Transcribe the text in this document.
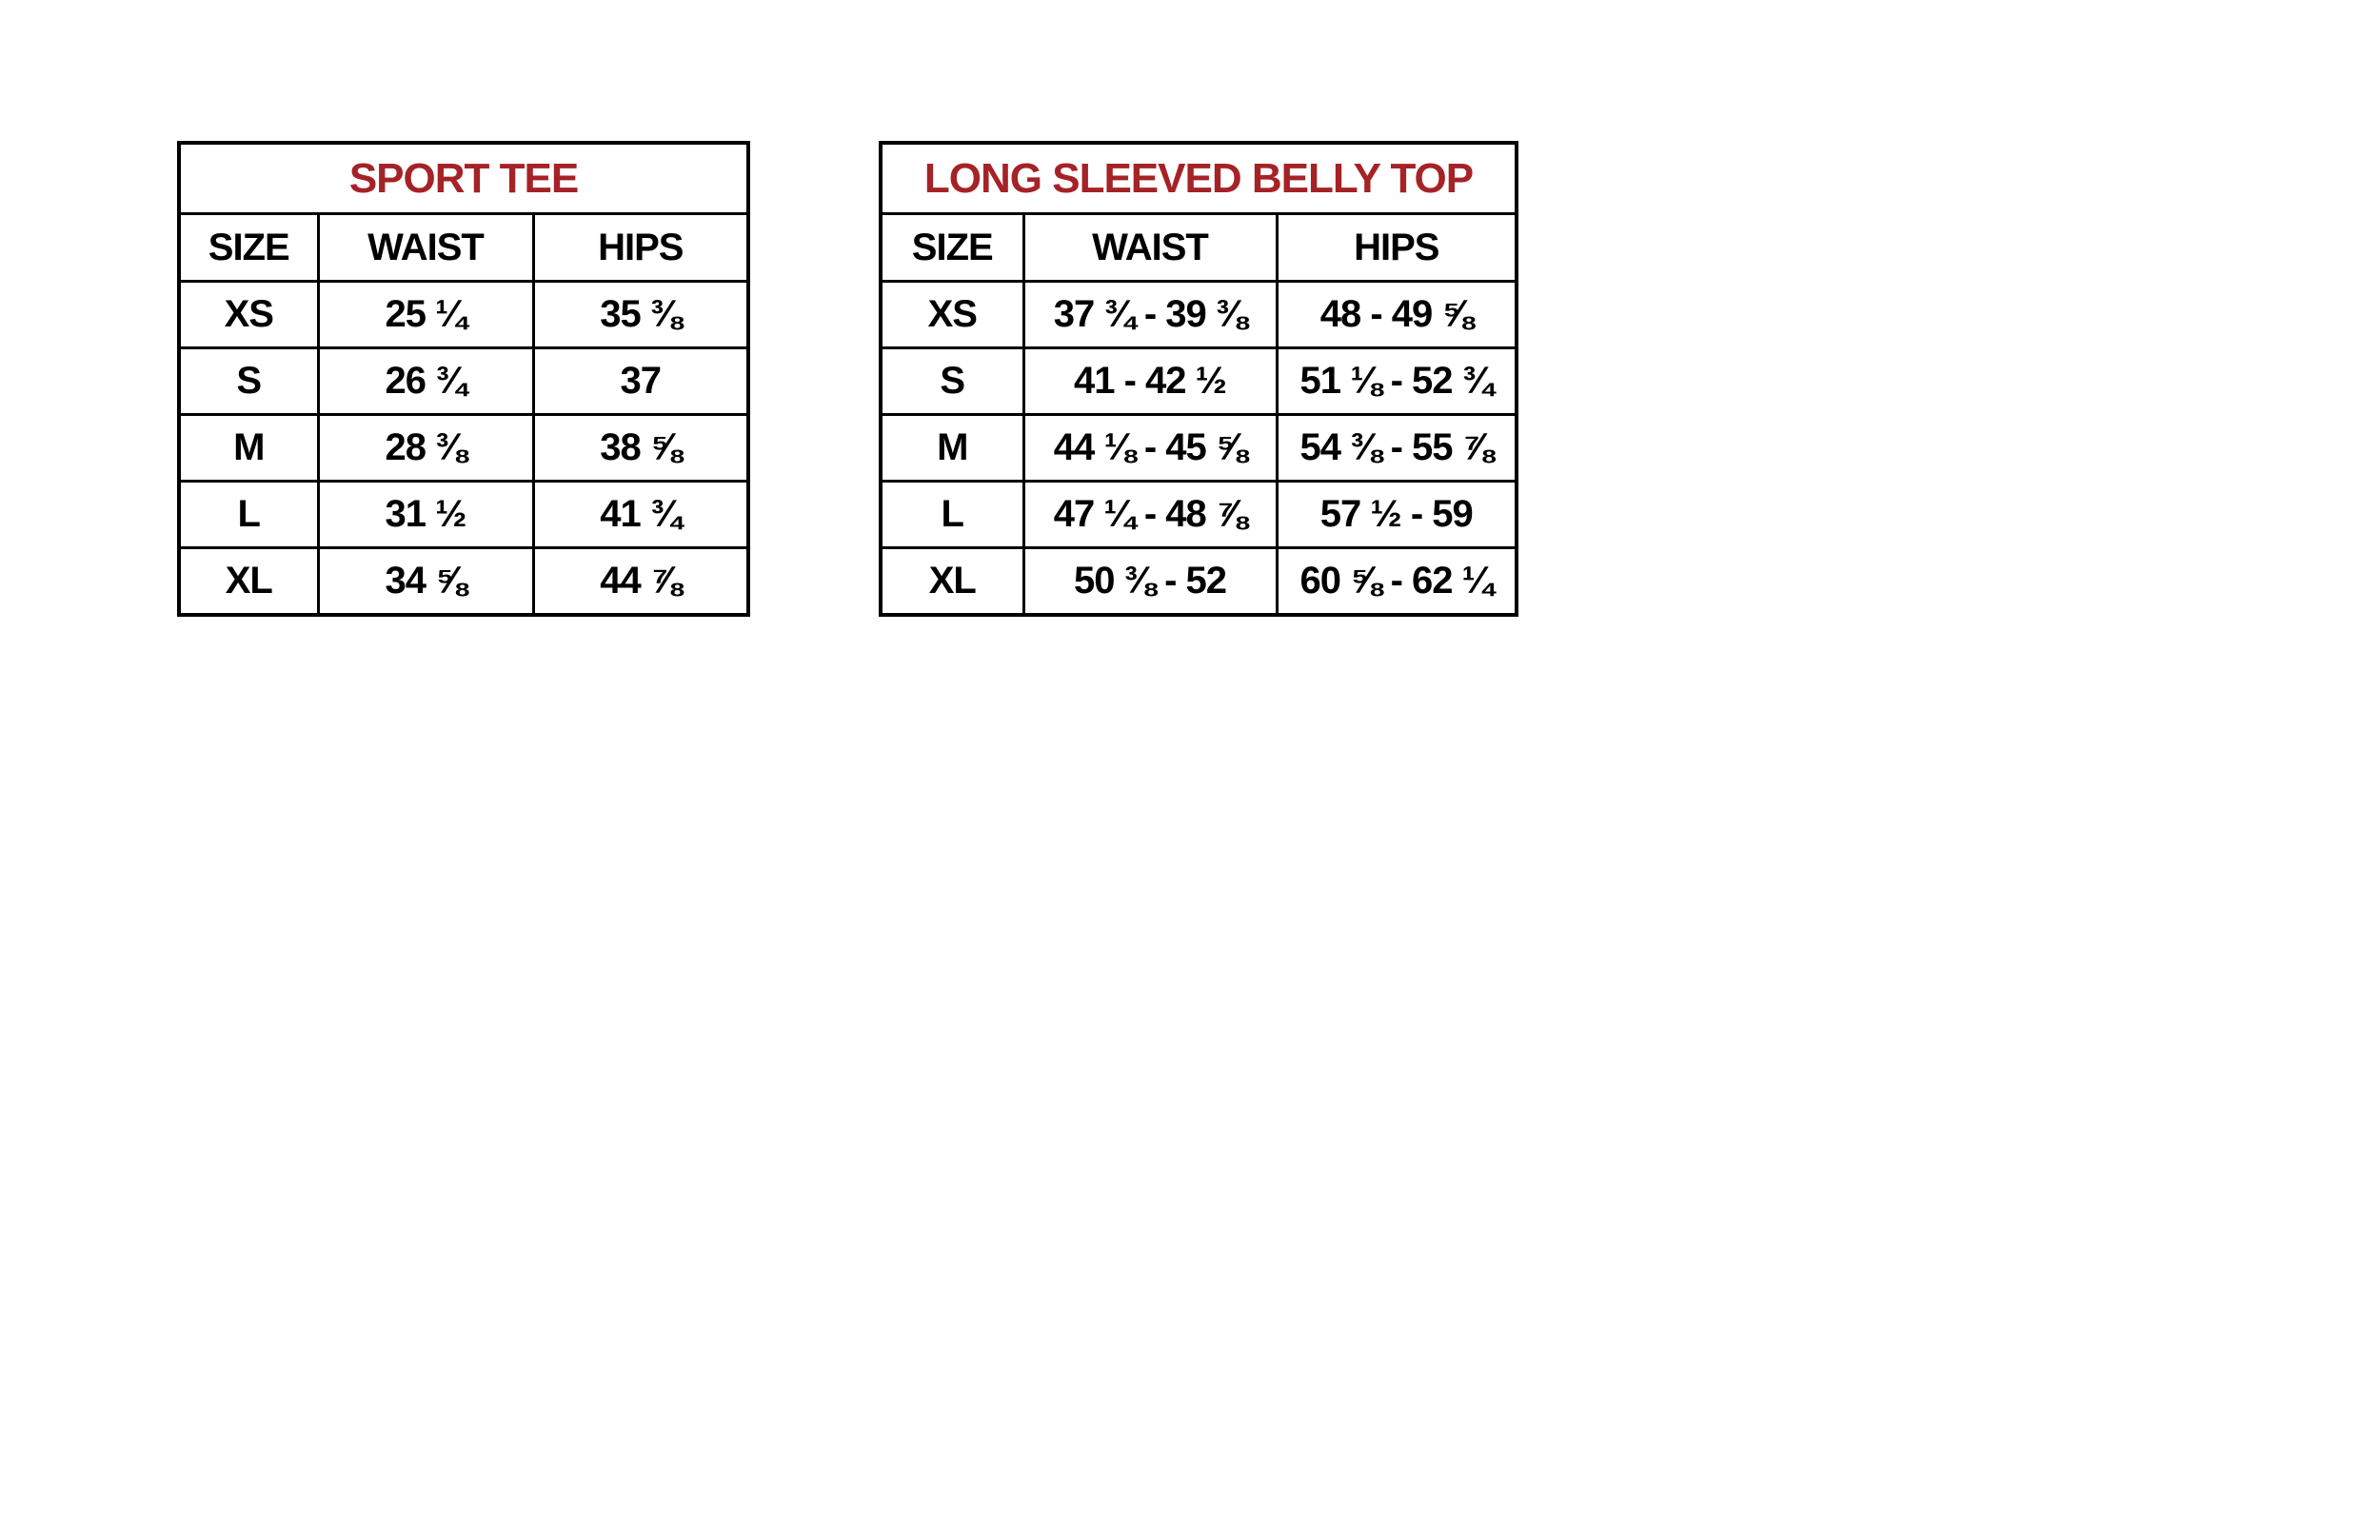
SPORT TEE		
SIZE	WAIST	HIPS
XS	25 ¼	35 ⅜
S	26 ¾	37
M	28 ⅜	38 ⅝
L	31 ½	41 ¾
XL	34 ⅝	44 ⅞
LONG SLEEVED BELLY TOP		
SIZE	WAIST	HIPS
XS	37 ¾ - 39 ⅜	48 - 49 ⅝
S	41 - 42 ½	51 ⅛ - 52 ¾
M	44 ⅛ - 45 ⅝	54 ⅜ - 55 ⅞
L	47 ¼ - 48 ⅞	57 ½ - 59
XL	50 ⅜ - 52	60 ⅝ - 62 ¼
